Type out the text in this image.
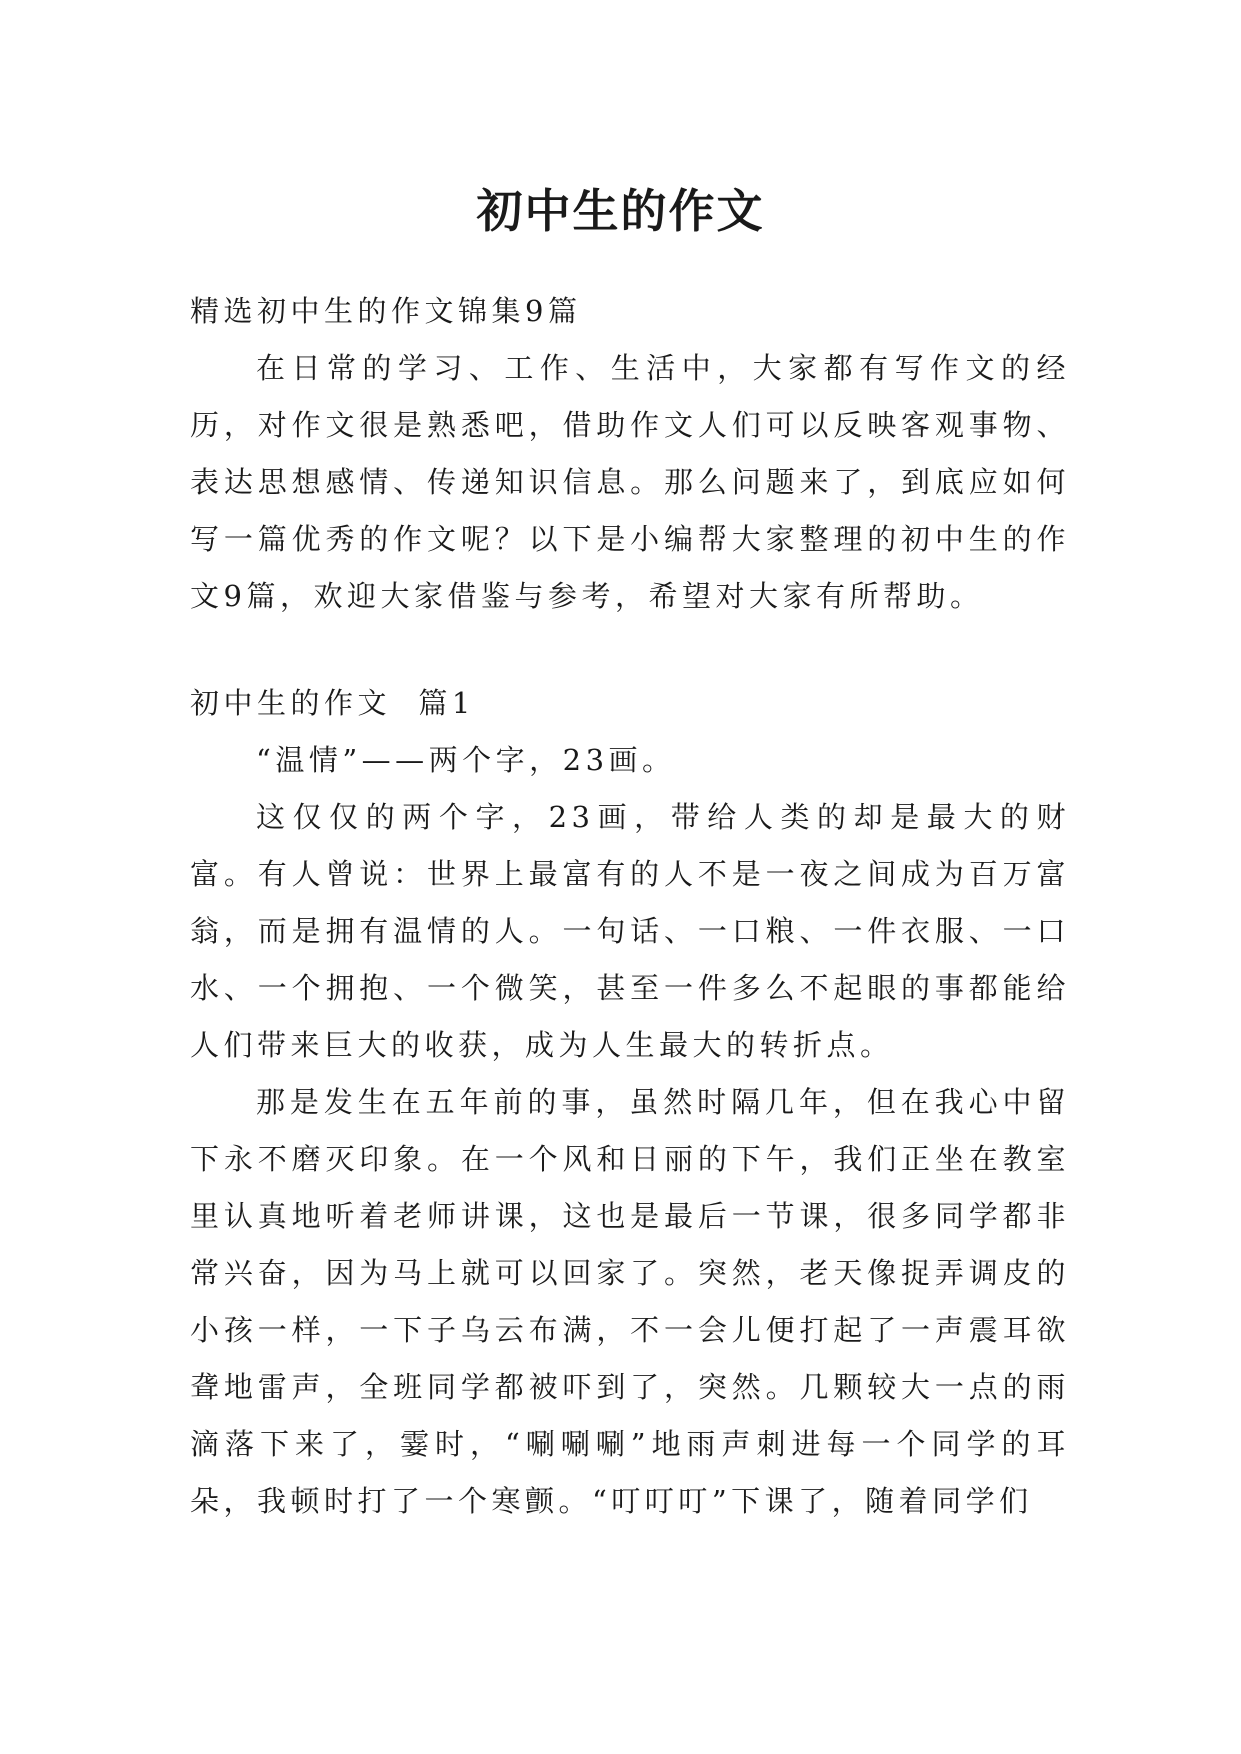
初中生的作文

精选初中生的作文锦集9篇

在日常的学习、工作、生活中，大家都有写作文的经历，对作文很是熟悉吧，借助作文人们可以反映客观事物、表达思想感情、传递知识信息。那么问题来了，到底应如何写一篇优秀的作文呢？以下是小编帮大家整理的初中生的作文9篇，欢迎大家借鉴与参考，希望对大家有所帮助。

初中生的作文  篇1

“温情”——两个字，23画。

这仅仅的两个字，23画，带给人类的却是最大的财富。有人曾说：世界上最富有的人不是一夜之间成为百万富翁，而是拥有温情的人。一句话、一口粮、一件衣服、一口水、一个拥抱、一个微笑，甚至一件多么不起眼的事都能给人们带来巨大的收获，成为人生最大的转折点。

那是发生在五年前的事，虽然时隔几年，但在我心中留下永不磨灭印象。在一个风和日丽的下午，我们正坐在教室里认真地听着老师讲课，这也是最后一节课，很多同学都非常兴奋，因为马上就可以回家了。突然，老天像捉弄调皮的小孩一样，一下子乌云布满，不一会儿便打起了一声震耳欲聋地雷声，全班同学都被吓到了，突然。几颗较大一点的雨滴落下来了，霎时，“唰唰唰”地雨声刺进每一个同学的耳朵，我顿时打了一个寒颤。“叮叮叮”下课了，随着同学们
